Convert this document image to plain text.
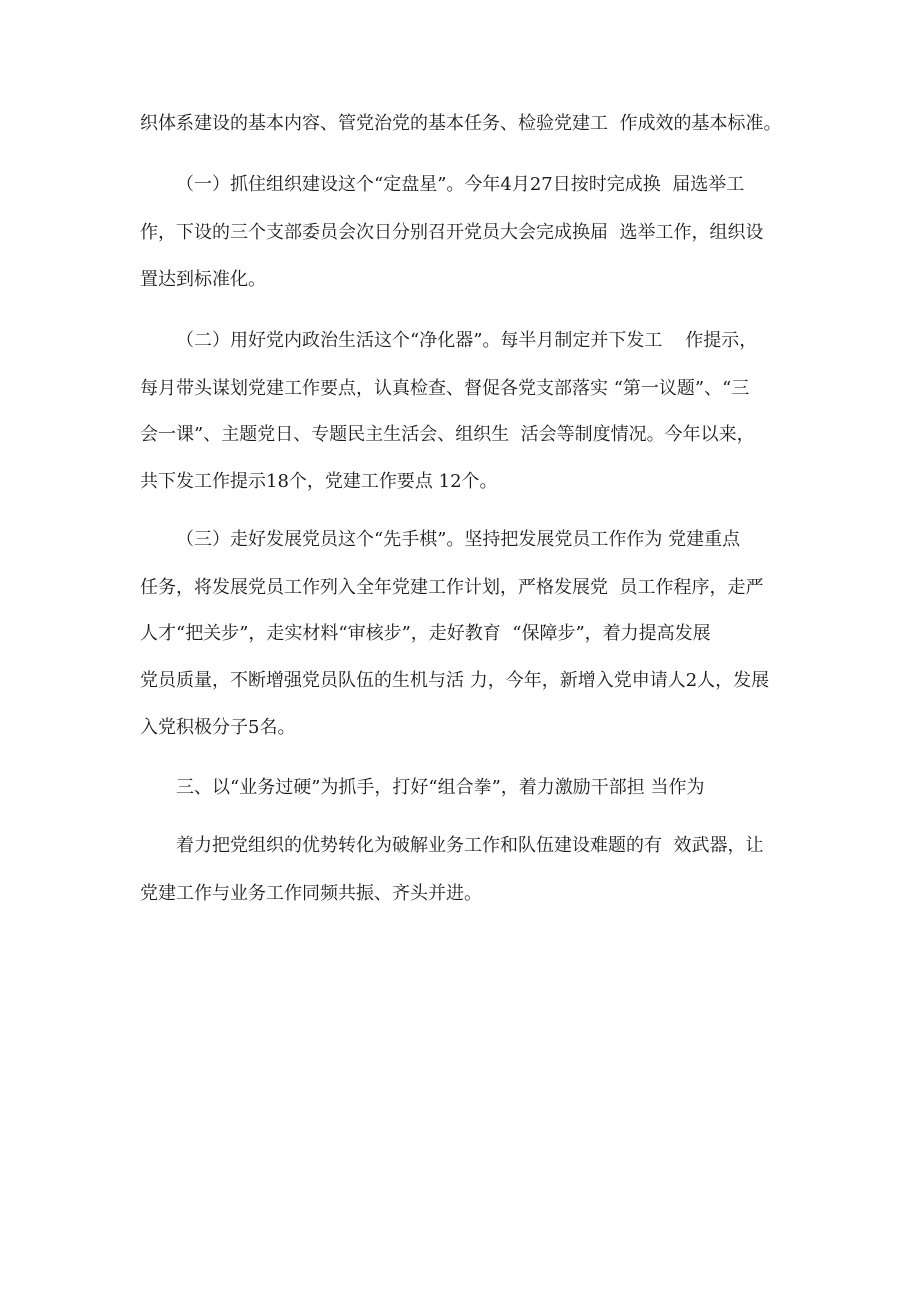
织体系建设的基本内容、管党治党的基本任务、检验党建工  作成效的基本标准。
（一）抓住组织建设这个“定盘星”。今年4月27日按时完成换  届选举工
作，下设的三个支部委员会次日分别召开党员大会完成换届  选举工作，组织设
置达到标准化。
（二）用好党内政治生活这个“净化器”。每半月制定并下发工    作提示，
每月带头谋划党建工作要点，认真检查、督促各党支部落实 “第一议题”、“三
会一课”、主题党日、专题民主生活会、组织生  活会等制度情况。今年以来，
共下发工作提示18个，党建工作要点 12个。
（三）走好发展党员这个“先手棋”。坚持把发展党员工作作为 党建重点
任务，将发展党员工作列入全年党建工作计划，严格发展党  员工作程序，走严
人才“把关步”，走实材料“审核步”，走好教育  “保障步”，着力提高发展
党员质量，不断增强党员队伍的生机与活 力，今年，新增入党申请人2人，发展
入党积极分子5名。
三、以“业务过硬”为抓手，打好“组合拳”，着力激励干部担 当作为
着力把党组织的优势转化为破解业务工作和队伍建设难题的有  效武器，让
党建工作与业务工作同频共振、齐头并进。
